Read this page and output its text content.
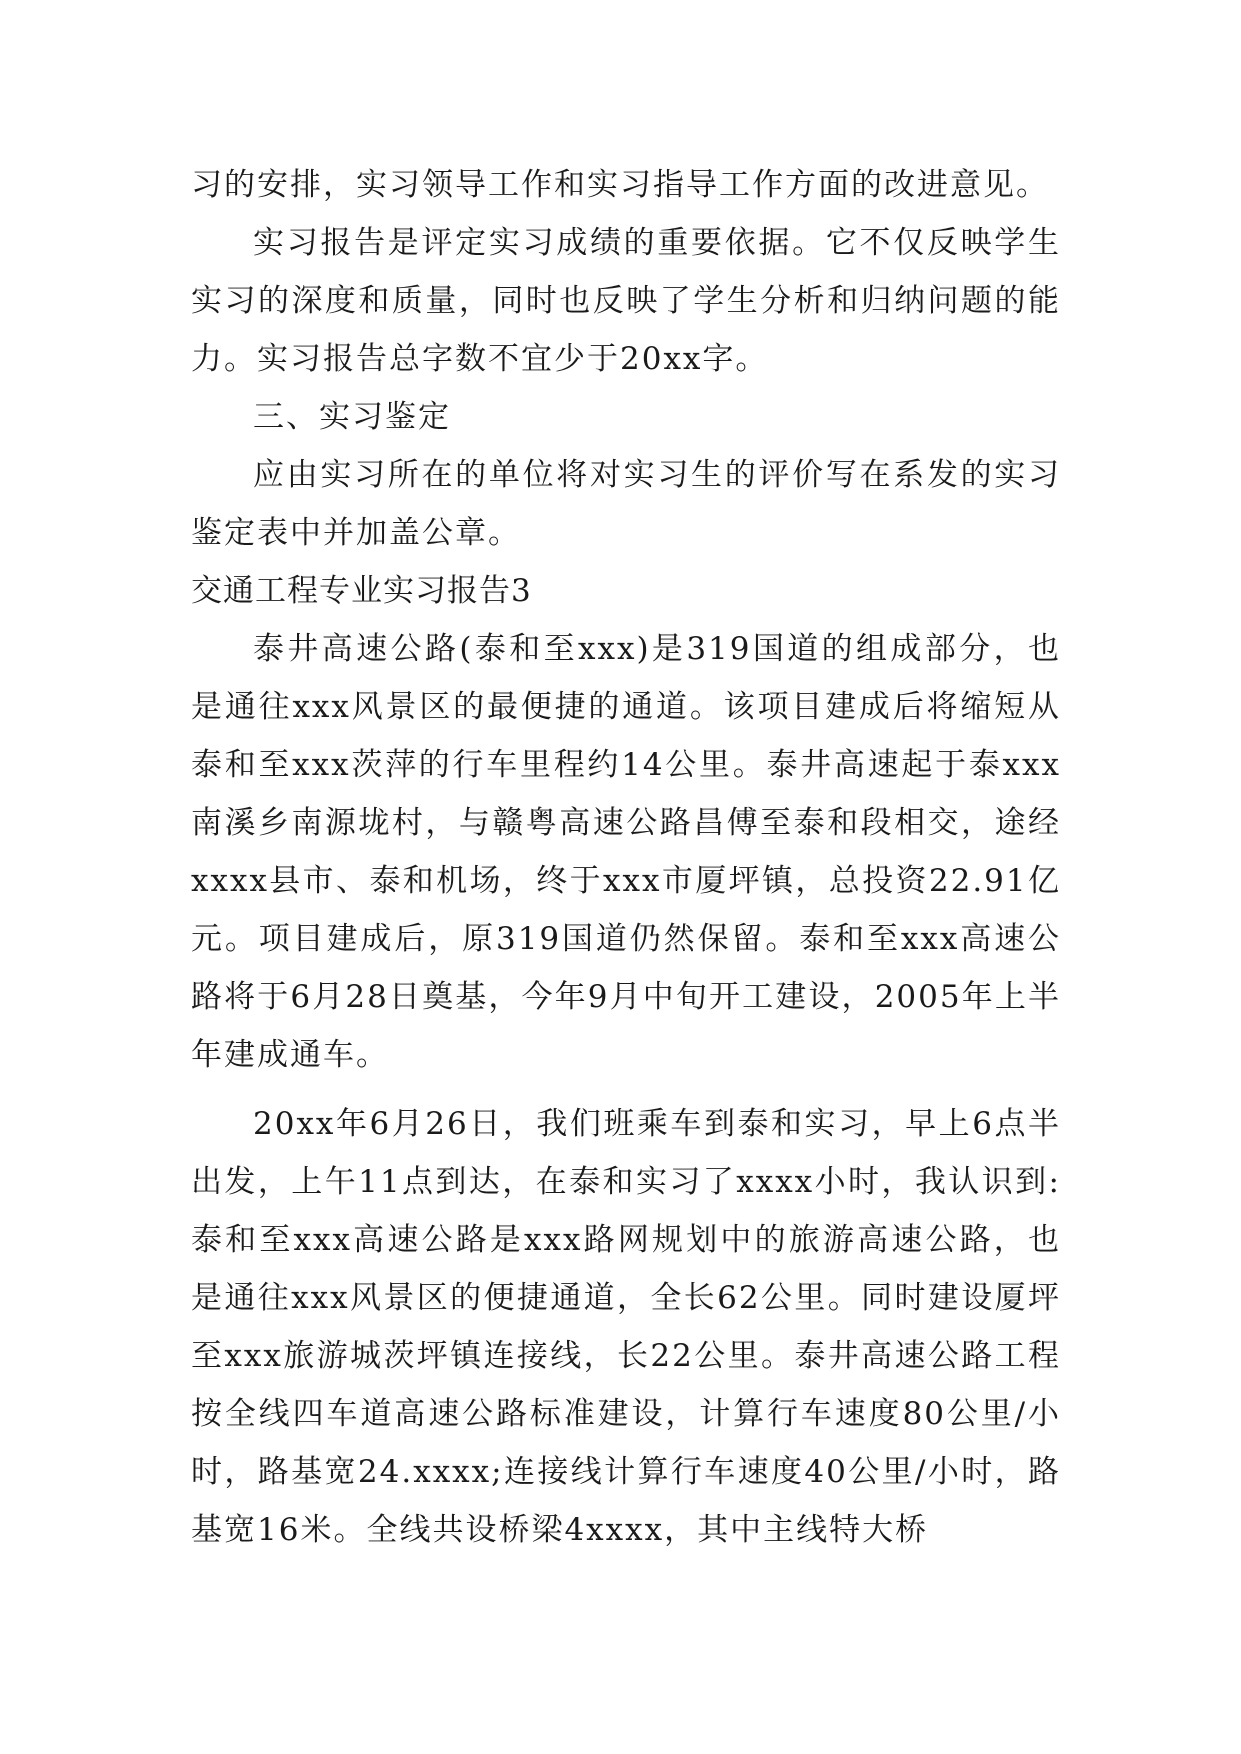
习的安排，实习领导工作和实习指导工作方面的改进意见。

实习报告是评定实习成绩的重要依据。它不仅反映学生实习的深度和质量，同时也反映了学生分析和归纳问题的能力。实习报告总字数不宜少于20xx字。

三、实习鉴定

应由实习所在的单位将对实习生的评价写在系发的实习鉴定表中并加盖公章。

交通工程专业实习报告3

泰井高速公路(泰和至xxx)是319国道的组成部分，也是通往xxx风景区的最便捷的通道。该项目建成后将缩短从泰和至xxx茨萍的行车里程约14公里。泰井高速起于泰xxx南溪乡南源垅村，与赣粤高速公路昌傅至泰和段相交，途经xxxx县市、泰和机场，终于xxx市厦坪镇，总投资22.91亿元。项目建成后，原319国道仍然保留。泰和至xxx高速公路将于6月28日奠基，今年9月中旬开工建设，2005年上半年建成通车。

20xx年6月26日，我们班乘车到泰和实习，早上6点半出发，上午11点到达，在泰和实习了xxxx小时，我认识到:泰和至xxx高速公路是xxx路网规划中的旅游高速公路，也是通往xxx风景区的便捷通道，全长62公里。同时建设厦坪至xxx旅游城茨坪镇连接线，长22公里。泰井高速公路工程按全线四车道高速公路标准建设，计算行车速度80公里/小时，路基宽24.xxxx;连接线计算行车速度40公里/小时，路基宽16米。全线共设桥梁4xxxx，其中主线特大桥
